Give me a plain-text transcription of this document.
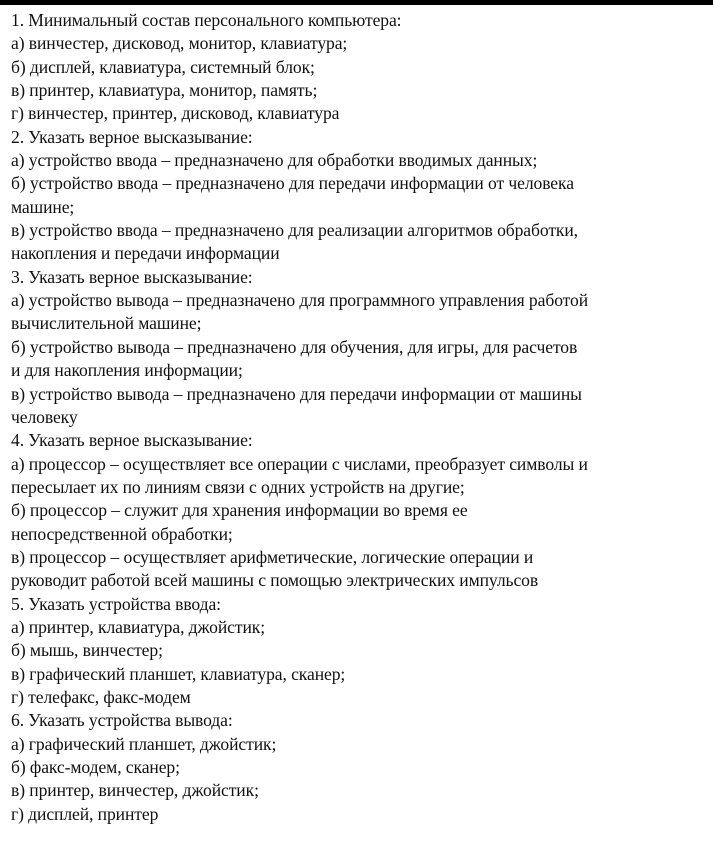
1. Минимальный состав персонального компьютера:
а) винчестер, дисковод, монитор, клавиатура;
б) дисплей, клавиатура, системный блок;
в) принтер, клавиатура, монитор, память;
г) винчестер, принтер, дисковод, клавиатура
2. Указать верное высказывание:
а) устройство ввода – предназначено для обработки вводимых данных;
б) устройство ввода – предназначено для передачи информации от человека
машине;
в) устройство ввода – предназначено для реализации алгоритмов обработки,
накопления и передачи информации
3. Указать верное высказывание:
а) устройство вывода – предназначено для программного управления работой
вычислительной машине;
б) устройство вывода – предназначено для обучения, для игры, для расчетов
и для накопления информации;
в) устройство вывода – предназначено для передачи информации от машины
человеку
4. Указать верное высказывание:
а) процессор – осуществляет все операции с числами, преобразует символы и
пересылает их по линиям связи с одних устройств на другие;
б) процессор – служит для хранения информации во время ее
непосредственной обработки;
в) процессор – осуществляет арифметические, логические операции и
руководит работой всей машины с помощью электрических импульсов
5. Указать устройства ввода:
а) принтер, клавиатура, джойстик;
б) мышь, винчестер;
в) графический планшет, клавиатура, сканер;
г) телефакс, факс-модем
6. Указать устройства вывода:
а) графический планшет, джойстик;
б) факс-модем, сканер;
в) принтер, винчестер, джойстик;
г) дисплей, принтер
